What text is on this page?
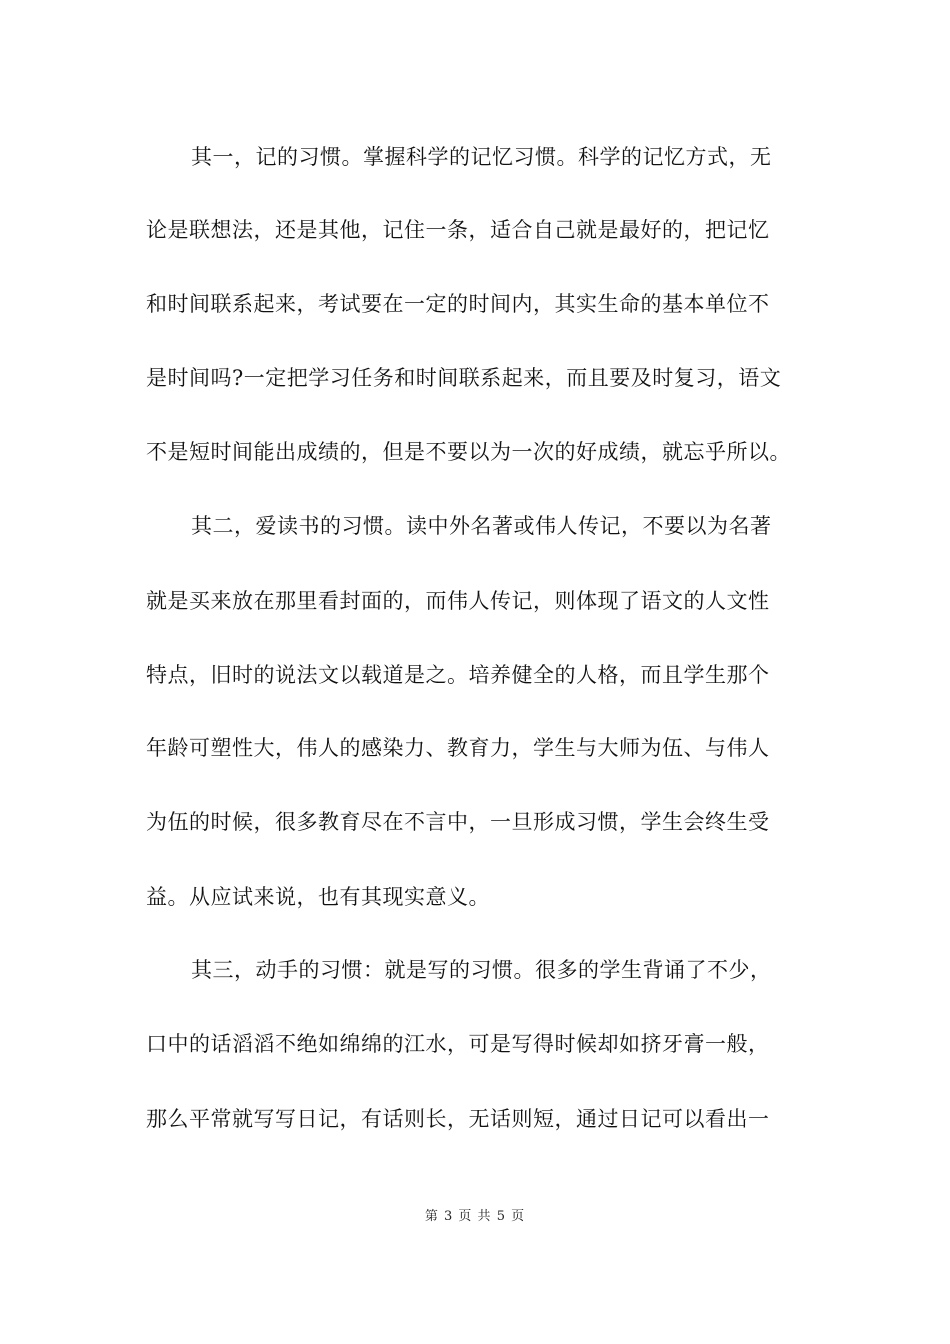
其一，记的习惯。掌握科学的记忆习惯。科学的记忆方式，无
论是联想法，还是其他，记住一条，适合自己就是最好的，把记忆
和时间联系起来，考试要在一定的时间内，其实生命的基本单位不
是时间吗?一定把学习任务和时间联系起来，而且要及时复习，语文
不是短时间能出成绩的，但是不要以为一次的好成绩，就忘乎所以。
其二，爱读书的习惯。读中外名著或伟人传记，不要以为名著
就是买来放在那里看封面的，而伟人传记，则体现了语文的人文性
特点，旧时的说法文以载道是之。培养健全的人格，而且学生那个
年龄可塑性大，伟人的感染力、教育力，学生与大师为伍、与伟人
为伍的时候，很多教育尽在不言中，一旦形成习惯，学生会终生受
益。从应试来说，也有其现实意义。
其三，动手的习惯：就是写的习惯。很多的学生背诵了不少，
口中的话滔滔不绝如绵绵的江水，可是写得时候却如挤牙膏一般，
那么平常就写写日记，有话则长，无话则短，通过日记可以看出一
第 3 页 共 5 页
